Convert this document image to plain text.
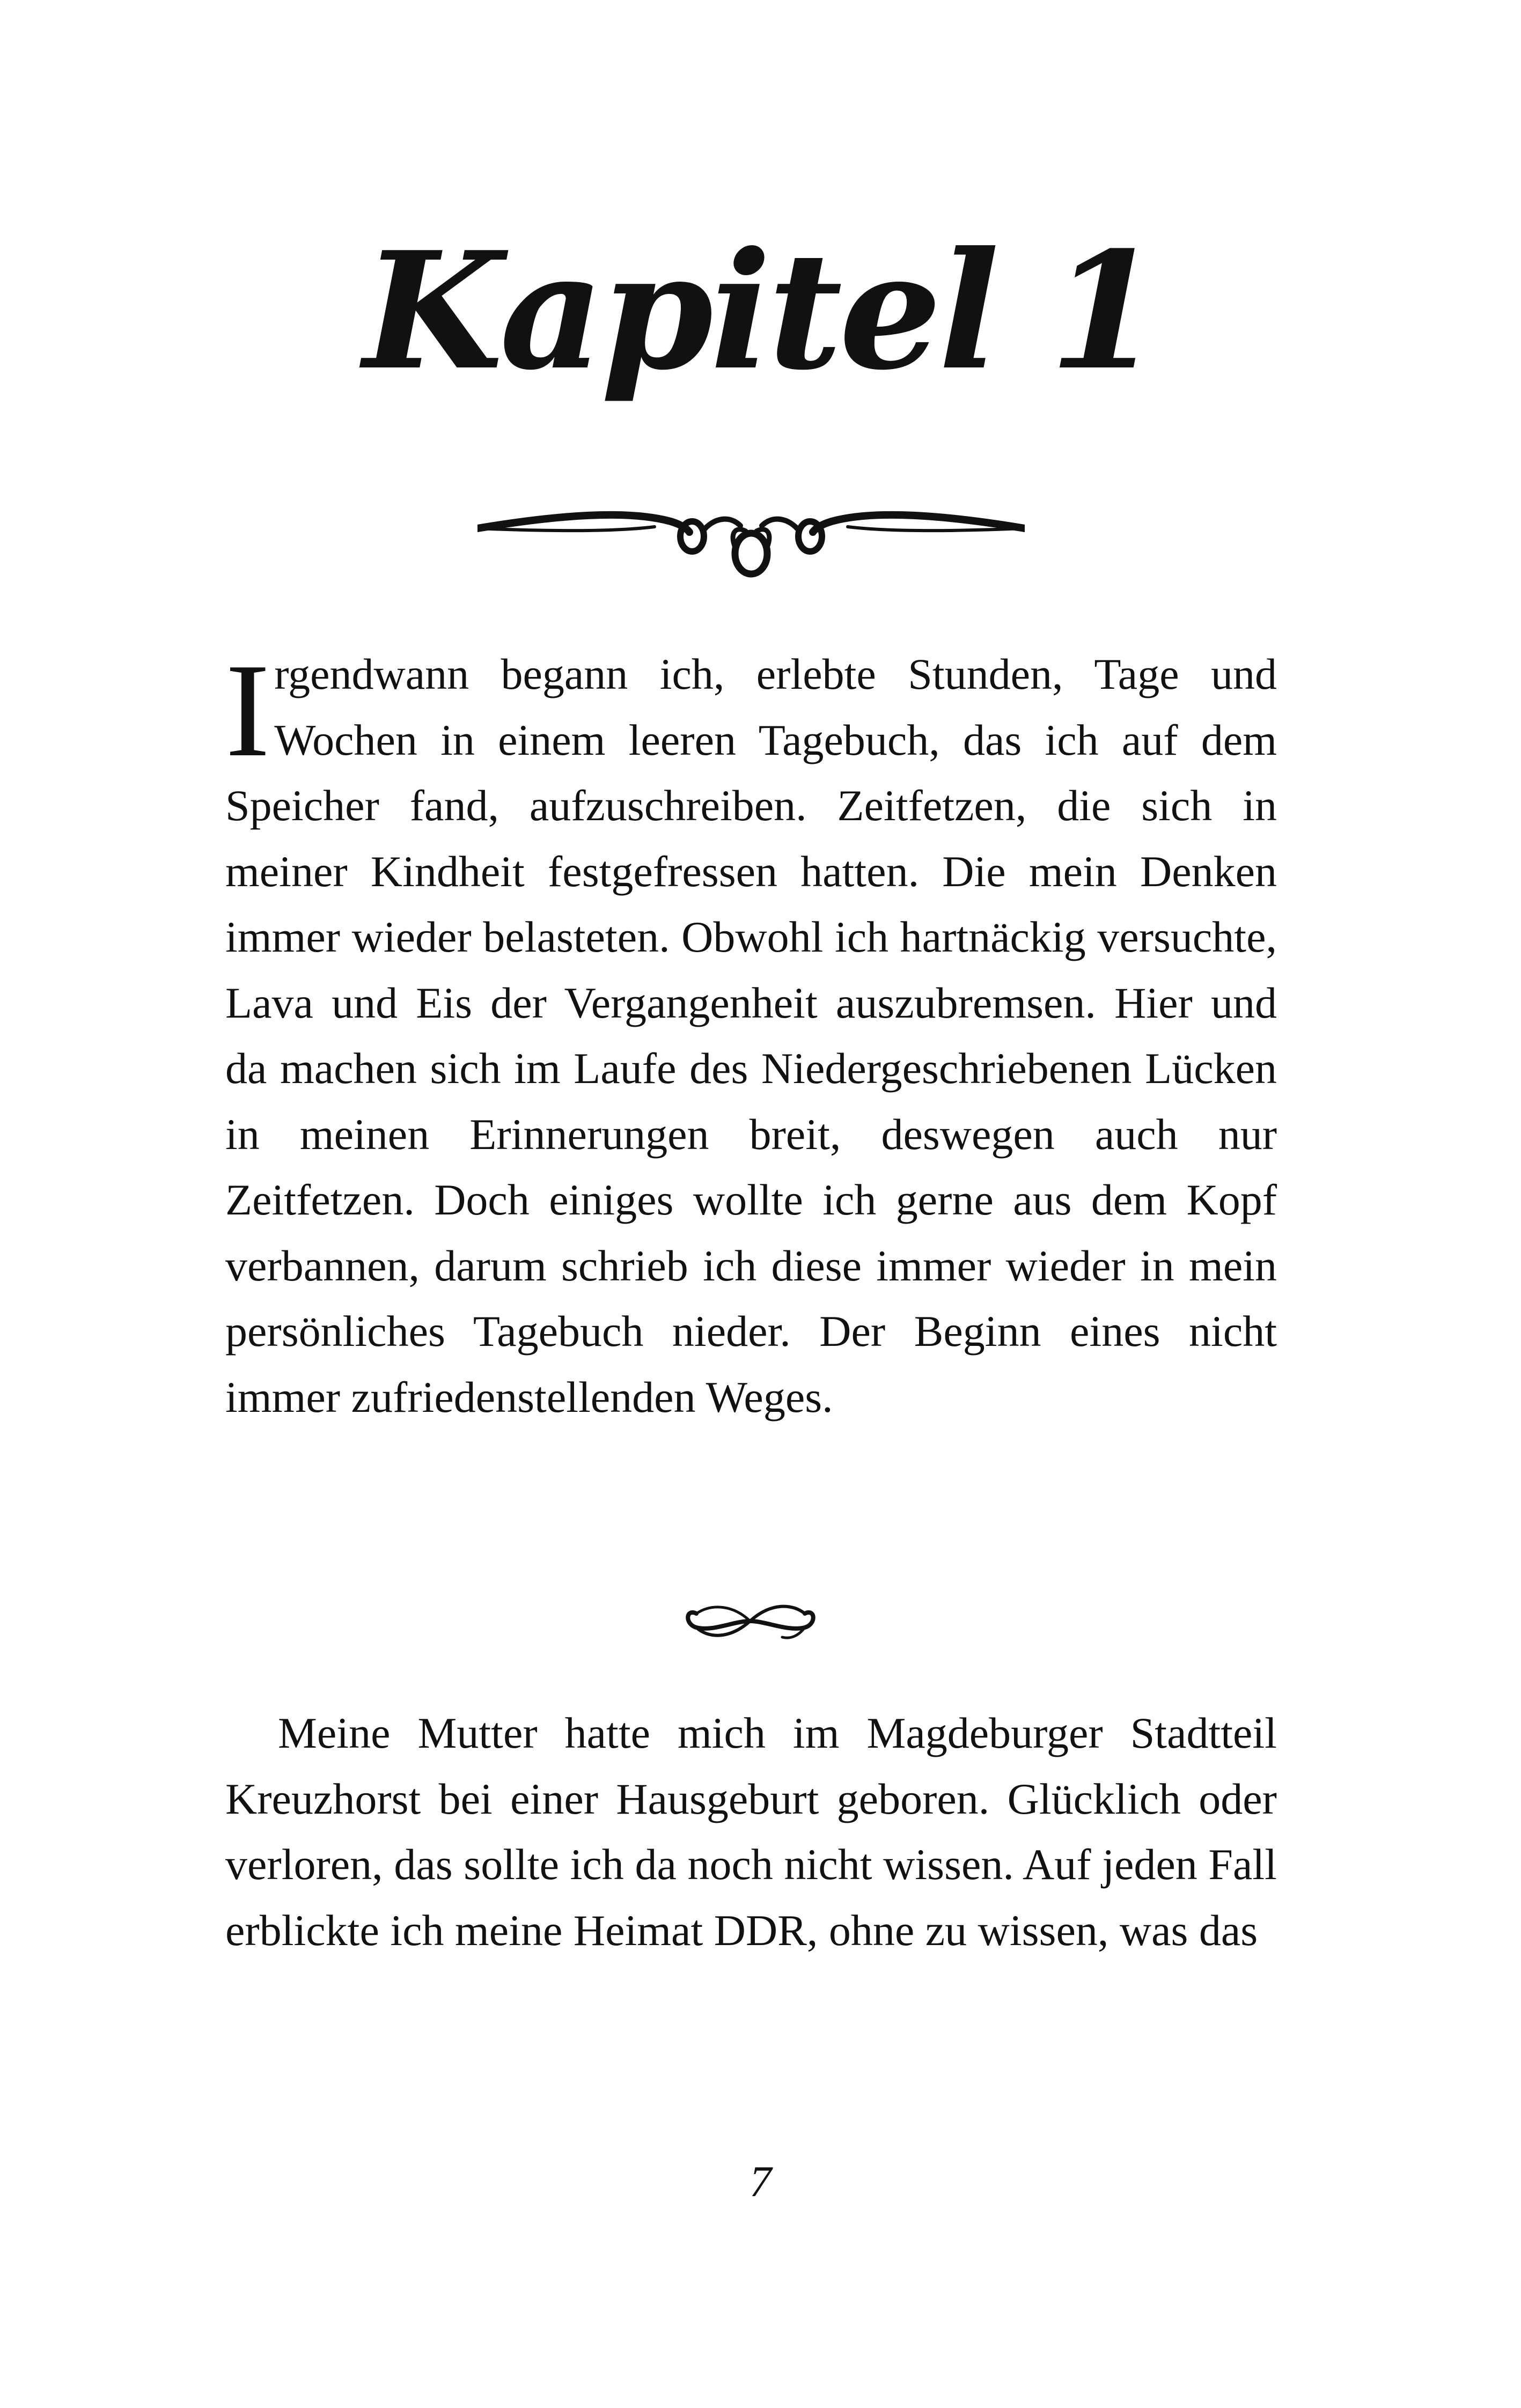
Kapitel 1

Irgendwann begann ich, erlebte Stunden, Tage und Wochen in einem leeren Tagebuch, das ich auf dem Speicher fand, aufzuschreiben. Zeitfetzen, die sich in meiner Kindheit festgefressen hatten. Die mein Denken immer wieder belasteten. Obwohl ich hartnäckig versuchte, Lava und Eis der Vergangenheit auszubremsen. Hier und da machen sich im Laufe des Niedergeschriebenen Lücken in meinen Erinnerungen breit, deswegen auch nur Zeitfetzen. Doch einiges wollte ich gerne aus dem Kopf verbannen, darum schrieb ich diese immer wieder in mein persönliches Tagebuch nieder. Der Beginn eines nicht immer zufriedenstellenden Weges.

Meine Mutter hatte mich im Magdeburger Stadtteil Kreuzhorst bei einer Hausgeburt geboren. Glücklich oder verloren, das sollte ich da noch nicht wissen. Auf jeden Fall erblickte ich meine Heimat DDR, ohne zu wissen, was das

7
